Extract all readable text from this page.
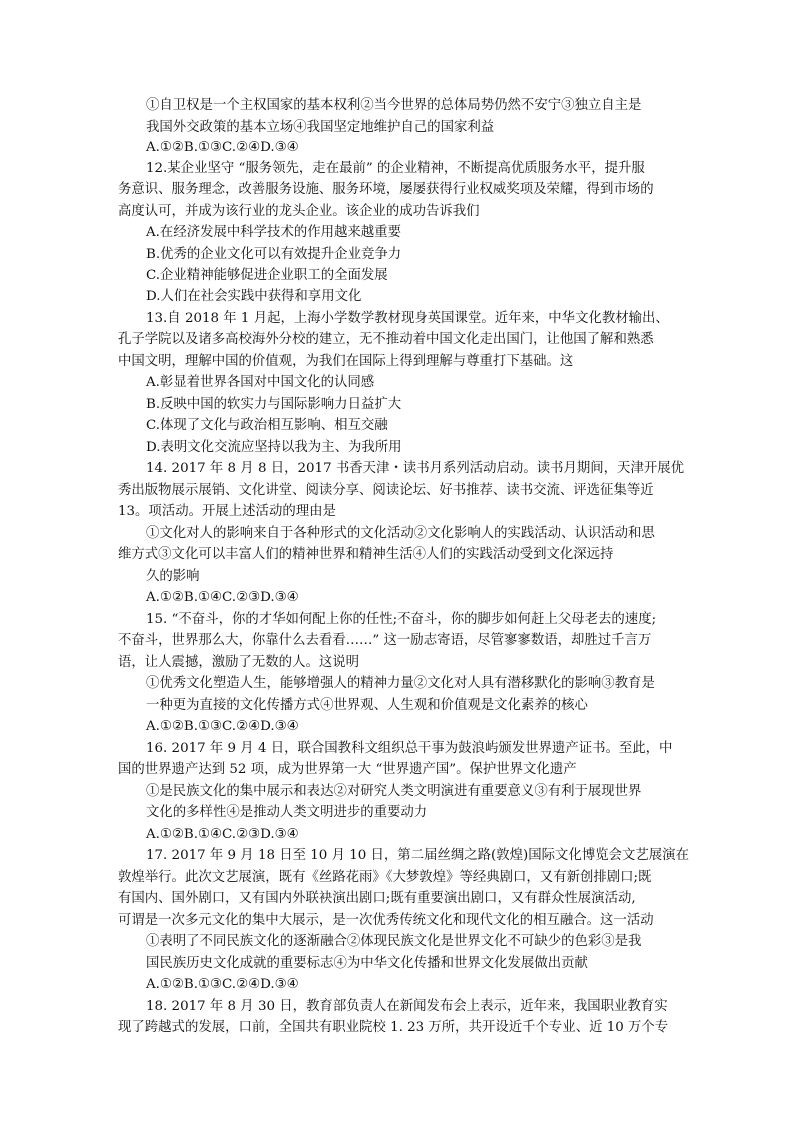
①自卫权是一个主权国家的基本权利②当今世界的总体局势仍然不安宁③独立自主是
我国外交政策的基本立场④我国坚定地维护自己的国家利益
A.①②B.①③C.②④D.③④
12.某企业坚守 “服务领先，走在最前” 的企业精神，不断提高优质服务水平，提升服
务意识、服务理念，改善服务设施、服务环境，屡屡获得行业权威奖项及荣耀，得到市场的
高度认可，并成为该行业的龙头企业。该企业的成功告诉我们
A.在经济发展中科学技术的作用越来越重要
B.优秀的企业文化可以有效提升企业竞争力
C.企业精神能够促进企业职工的全面发展
D.人们在社会实践中获得和享用文化
13.自 2018 年 1 月起，上海小学数学教材现身英国课堂。近年来，中华文化教材输出、
孔子学院以及诸多高校海外分校的建立，无不推动着中国文化走出国门，让他国了解和熟悉
中国文明，理解中国的价值观，为我们在国际上得到理解与尊重打下基础。这
A.彰显着世界各国对中国文化的认同感
B.反映中国的软实力与国际影响力日益扩大
C.体现了文化与政治相互影响、相互交融
D.表明文化交流应坚持以我为主、为我所用
14. 2017 年 8 月 8 日，2017 书香天津・读书月系列活动启动。读书月期间，天津开展优
秀出版物展示展销、文化讲堂、阅读分享、阅读论坛、好书推荐、读书交流、评选征集等近
13。项活动。开展上述活动的理由是
①文化对人的影响来自于各种形式的文化活动②文化影响人的实践活动、认识活动和思
维方式③文化可以丰富人们的精神世界和精神生活④人们的实践活动受到文化深远持
久的影响
A.①②B.①④C.②③D.③④
15. “不奋斗，你的才华如何配上你的任性;不奋斗，你的脚步如何赶上父母老去的速度;
不奋斗，世界那么大，你靠什么去看看……” 这一励志寄语，尽管寥寥数语，却胜过千言万
语，让人震撼，激励了无数的人。这说明
①优秀文化塑造人生，能够增强人的精神力量②文化对人具有潜移默化的影响③教育是
一种更为直接的文化传播方式④世界观、人生观和价值观是文化素养的核心
A.①②B.①③C.②④D.③④
16. 2017 年 9 月 4 日，联合国教科文组织总干事为鼓浪屿颁发世界遗产证书。至此，中
国的世界遗产达到 52 项，成为世界第一大 “世界遗产国”。保护世界文化遗产
①是民族文化的集中展示和表达②对研究人类文明演进有重要意义③有利于展现世界
文化的多样性④是推动人类文明进步的重要动力
A.①②B.①④C.②③D.③④
17. 2017 年 9 月 18 日至 10 月 10 日，第二届丝绸之路(敦煌)国际文化博览会文艺展演在
敦煌举行。此次文艺展演，既有《丝路花雨》《大梦敦煌》等经典剧口，又有新创排剧口;既
有国内、国外剧口，又有国内外联袂演出剧口;既有重要演出剧口，又有群众性展演活动,
可谓是一次多元文化的集中大展示，是一次优秀传统文化和现代文化的相互融合。这一活动
①表明了不同民族文化的逐渐融合②体现民族文化是世界文化不可缺少的色彩③是我
国民族历史文化成就的重要标志④为中华文化传播和世界文化发展做出贡献
A.①②B.①③C.②④D.③④
18. 2017 年 8 月 30 日，教育部负责人在新闻发布会上表示，近年来，我国职业教育实
现了跨越式的发展，口前，全国共有职业院校 1. 23 万所，共开设近千个专业、近 10 万个专
